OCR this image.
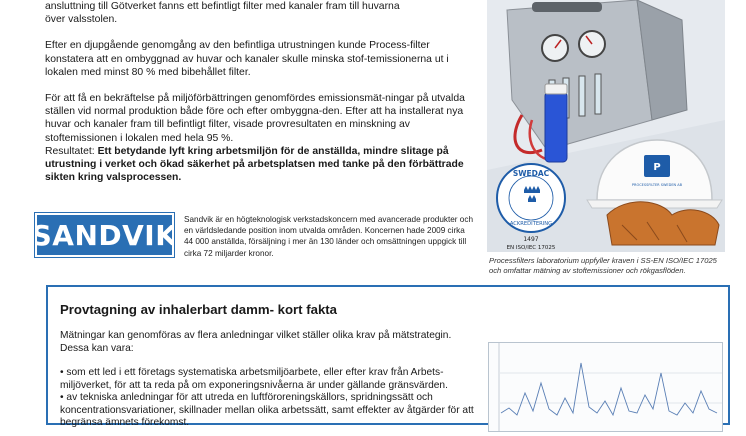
ansluttning till Götverket fanns ett befintligt filter med kanaler fram till huvarna

över valsstolen.

Efter en djupgående genomgång av den befintliga utrustningen kunde Process-filter konstatera att en ombyggnad av huvar och kanaler skulle minska stof-temissionerna ut i lokalen med minst 80 % med bibehållet filter.

För att få en bekräftelse på miljöförbättringen genomfördes emissionsmät-ningar på utvalda ställen vid normal produktion både före och efter ombyggna-den. Efter att ha installerat nya huvar och kanaler fram till befintligt filter, visade provresultaten en minskning av stoftemissionen i lokalen med hela 95 %.

Resultatet: Ett betydande lyft kring arbetsmiljön för de anställda, mindre slitage på utrustning i verket och ökad säkerhet på arbetsplatsen med tanke på den förbättrade sikten kring valsprocessen.

P
PROCESSFILTER SWEDEN AB
SWEDAC
ACKREDITERING
1497
EN ISO/IEC 17025

Processfilters laboratorium uppfyller kraven i SS-EN ISO/IEC 17025 och omfattar mätning av stoftemissioner och rökgasflöden.

SANDVIK Sandvik är en högteknologisk verkstadskoncern med avancerade produkter och en världsledande position inom utvalda områden. Koncernen hade 2009 cirka 44 000 anställda, försäljning i mer än 130 länder och omsättningen uppgick till cirka 72 miljarder kronor.

Provtagning av inhalerbart damm- kort fakta

Mätningar kan genomföras av flera anledningar vilket ställer olika krav på mätstrategin. Dessa kan vara:

• som ett led i ett företags systematiska arbetsmiljöarbete, eller efter krav från Arbets-miljöverket, för att ta reda på om exponeringsnivåerna är under gällande gränsvärden.

• av tekniska anledningar för att utreda en luftföroreningskällors, spridningssätt och koncentrationsvariationer, skillnader mellan olika arbetssätt, samt effekter av åtgärder för att begränsa ämnets förekomst.
